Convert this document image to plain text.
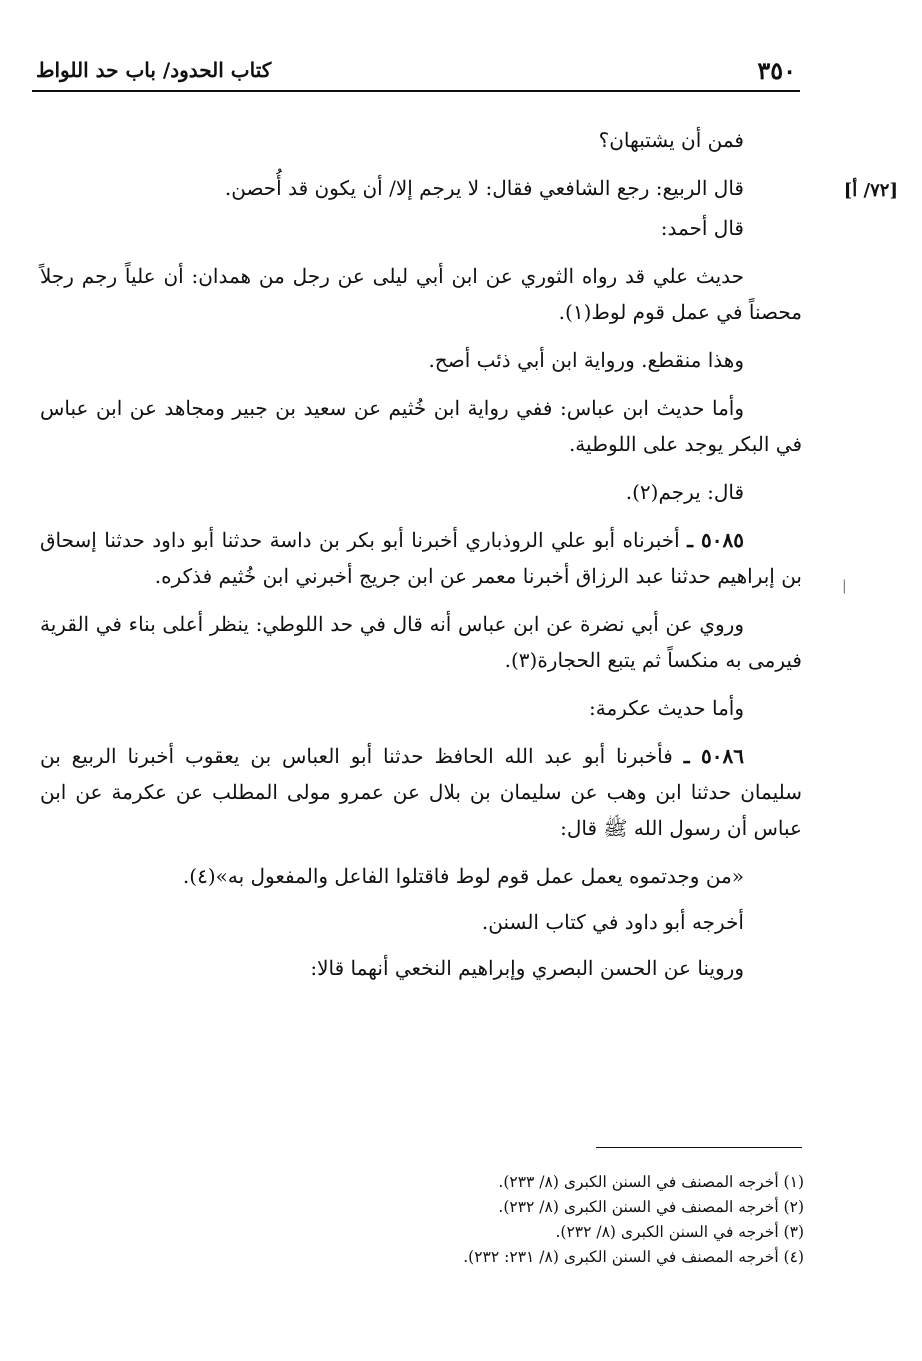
٣٥٠
كتاب الحدود/ باب حد اللواط
[٧٢/ أ]
|

فمن أن يشتبهان؟

قال الربيع: رجع الشافعي فقال: لا يرجم إلا/ أن يكون قد أُحصن.

قال أحمد:

حديث علي قد رواه الثوري عن ابن أبي ليلى عن رجل من همدان: أن علياً رجم رجلاً محصناً في عمل قوم لوط(١).

وهذا منقطع. ورواية ابن أبي ذئب أصح.

وأما حديث ابن عباس: ففي رواية ابن خُثيم عن سعيد بن جبير ومجاهد عن ابن عباس في البكر يوجد على اللوطية.

قال: يرجم(٢).

٥٠٨٥ ـ أخبرناه أبو علي الروذباري أخبرنا أبو بكر بن داسة حدثنا أبو داود حدثنا إسحاق بن إبراهيم حدثنا عبد الرزاق أخبرنا معمر عن ابن جريج أخبرني ابن خُثيم فذكره.

وروي عن أبي نضرة عن ابن عباس أنه قال في حد اللوطي: ينظر أعلى بناء في القرية فيرمى به منكساً ثم يتبع الحجارة(٣).

وأما حديث عكرمة:

٥٠٨٦ ـ فأخبرنا أبو عبد الله الحافظ حدثنا أبو العباس بن يعقوب أخبرنا الربيع بن سليمان حدثنا ابن وهب عن سليمان بن بلال عن عمرو مولى المطلب عن عكرمة عن ابن عباس أن رسول الله ﷺ قال:

«من وجدتموه يعمل عمل قوم لوط فاقتلوا الفاعل والمفعول به»(٤).

أخرجه أبو داود في كتاب السنن.

وروينا عن الحسن البصري وإبراهيم النخعي أنهما قالا:

(١) أخرجه المصنف في السنن الكبرى (٨/ ٢٣٣).
(٢) أخرجه المصنف في السنن الكبرى (٨/ ٢٣٢).
(٣) أخرجه في السنن الكبرى (٨/ ٢٣٢).
(٤) أخرجه المصنف في السنن الكبرى (٨/ ٢٣١: ٢٣٢).
